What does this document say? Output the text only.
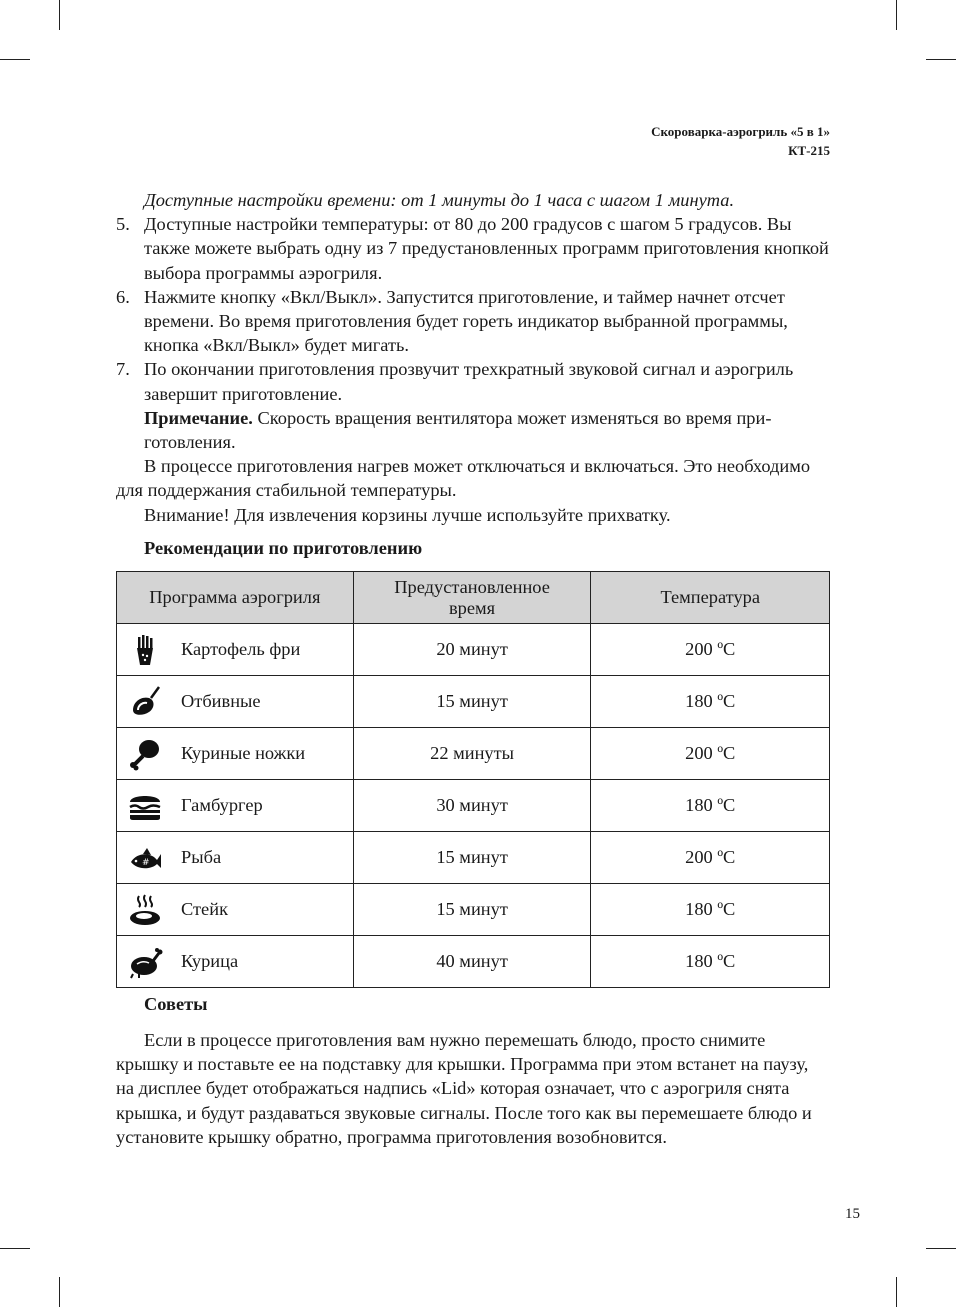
Скороварка-аэрогриль «5 в 1»
КТ-215

Доступные настройки времени: от 1 минуты до 1 часа с шагом 1 минута.

5. Доступные настройки температуры: от 80 до 200 градусов с шагом 5 градусов. Вы также можете выбрать одну из 7 предустановленных программ приготовления кнопкой выбора программы аэрогриля.

6. Нажмите кнопку «Вкл/Выкл». Запустится приготовление, и таймер начнет отсчет времени. Во время приготовления будет гореть индикатор выбранной программы, кнопка «Вкл/Выкл» будет мигать.

7. По окончании приготовления прозвучит трехкратный звуковой сигнал и аэрогриль завершит приготовление.

Примечание. Скорость вращения вентилятора может изменяться во время приготовления.

В процессе приготовления нагрев может отключаться и включаться. Это необходимо для поддержания стабильной температуры.

Внимание! Для извлечения корзины лучше используйте прихватку.

Рекомендации по приготовлению
Программа аэрогриля	Предустановленное время	Температура

Картофель фри	20 минут	200 ºС

Отбивные	15 минут	180 ºС

Куриные ножки	22 минуты	200 ºС

Гамбургер	30 минут	180 ºС

# Рыба	15 минут	200 ºС

Стейк	15 минут	180 ºС

Курица	40 минут	180 ºС
Советы

Если в процессе приготовления вам нужно перемешать блюдо, просто снимите крышку и поставьте ее на подставку для крышки. Программа при этом встанет на паузу, на дисплее будет отображаться надпись «Lid» которая означает, что с аэрогриля снята крышка, и будут раздаваться звуковые сигналы. После того как вы перемешаете блюдо и установите крышку обратно, программа приготовления возобновится.

15
